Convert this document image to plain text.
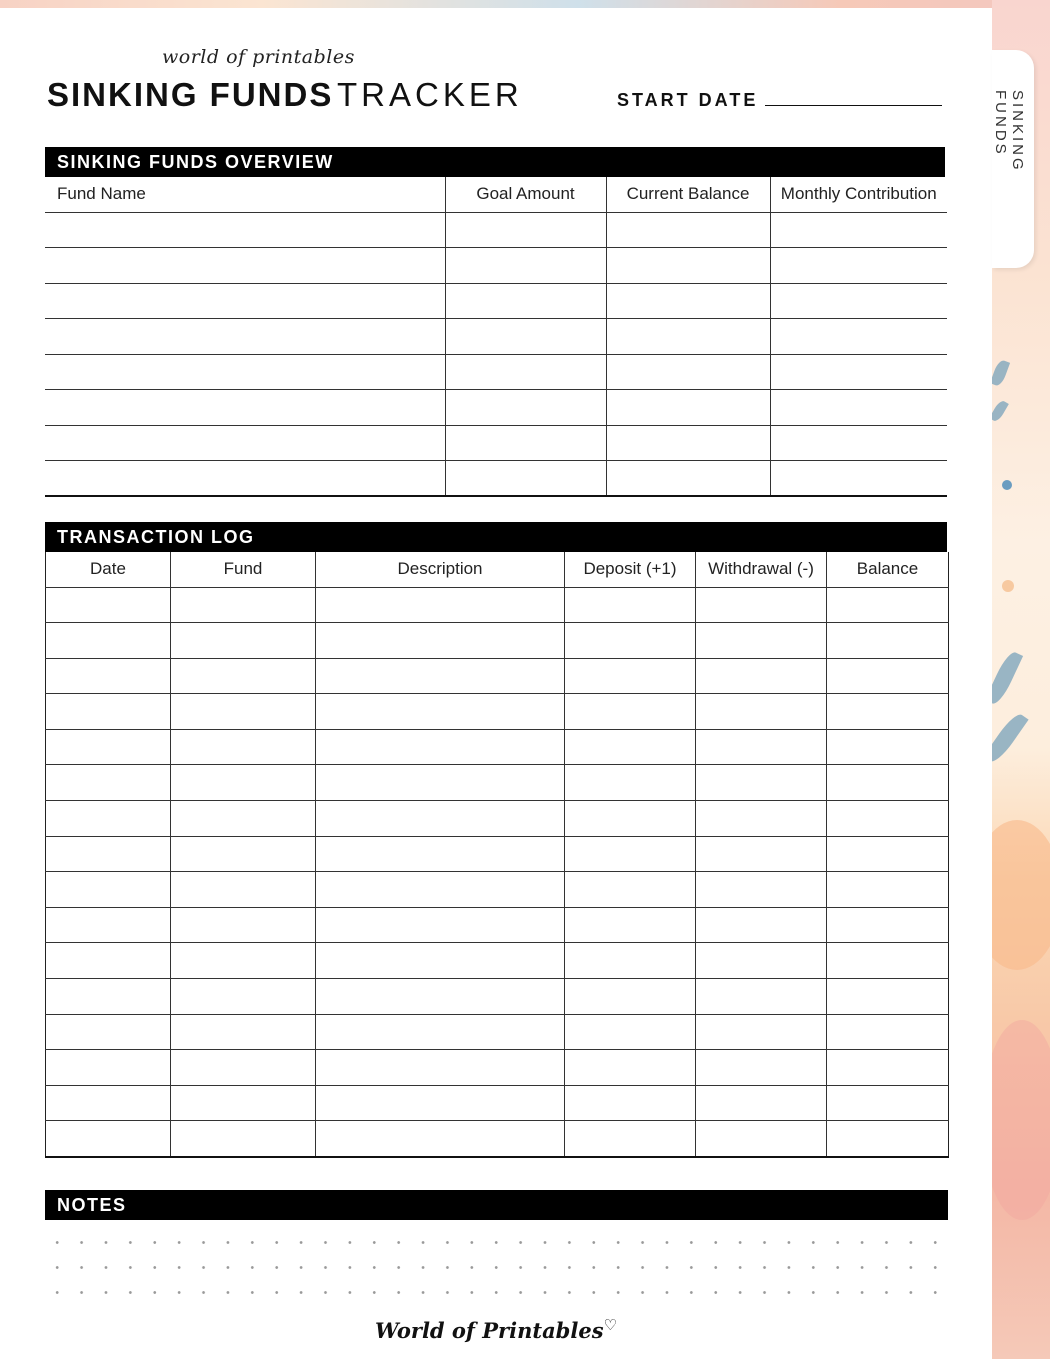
SINKING FUNDS
world of printables
SINKING FUNDS TRACKER	START DATE
SINKING FUNDS OVERVIEW
Fund Name	Goal Amount	Current Balance	Monthly Contribution

TRANSACTION LOG
Date	Fund	Description	Deposit (+1)	Withdrawal (-)	Balance

NOTES
World of Printables♡
